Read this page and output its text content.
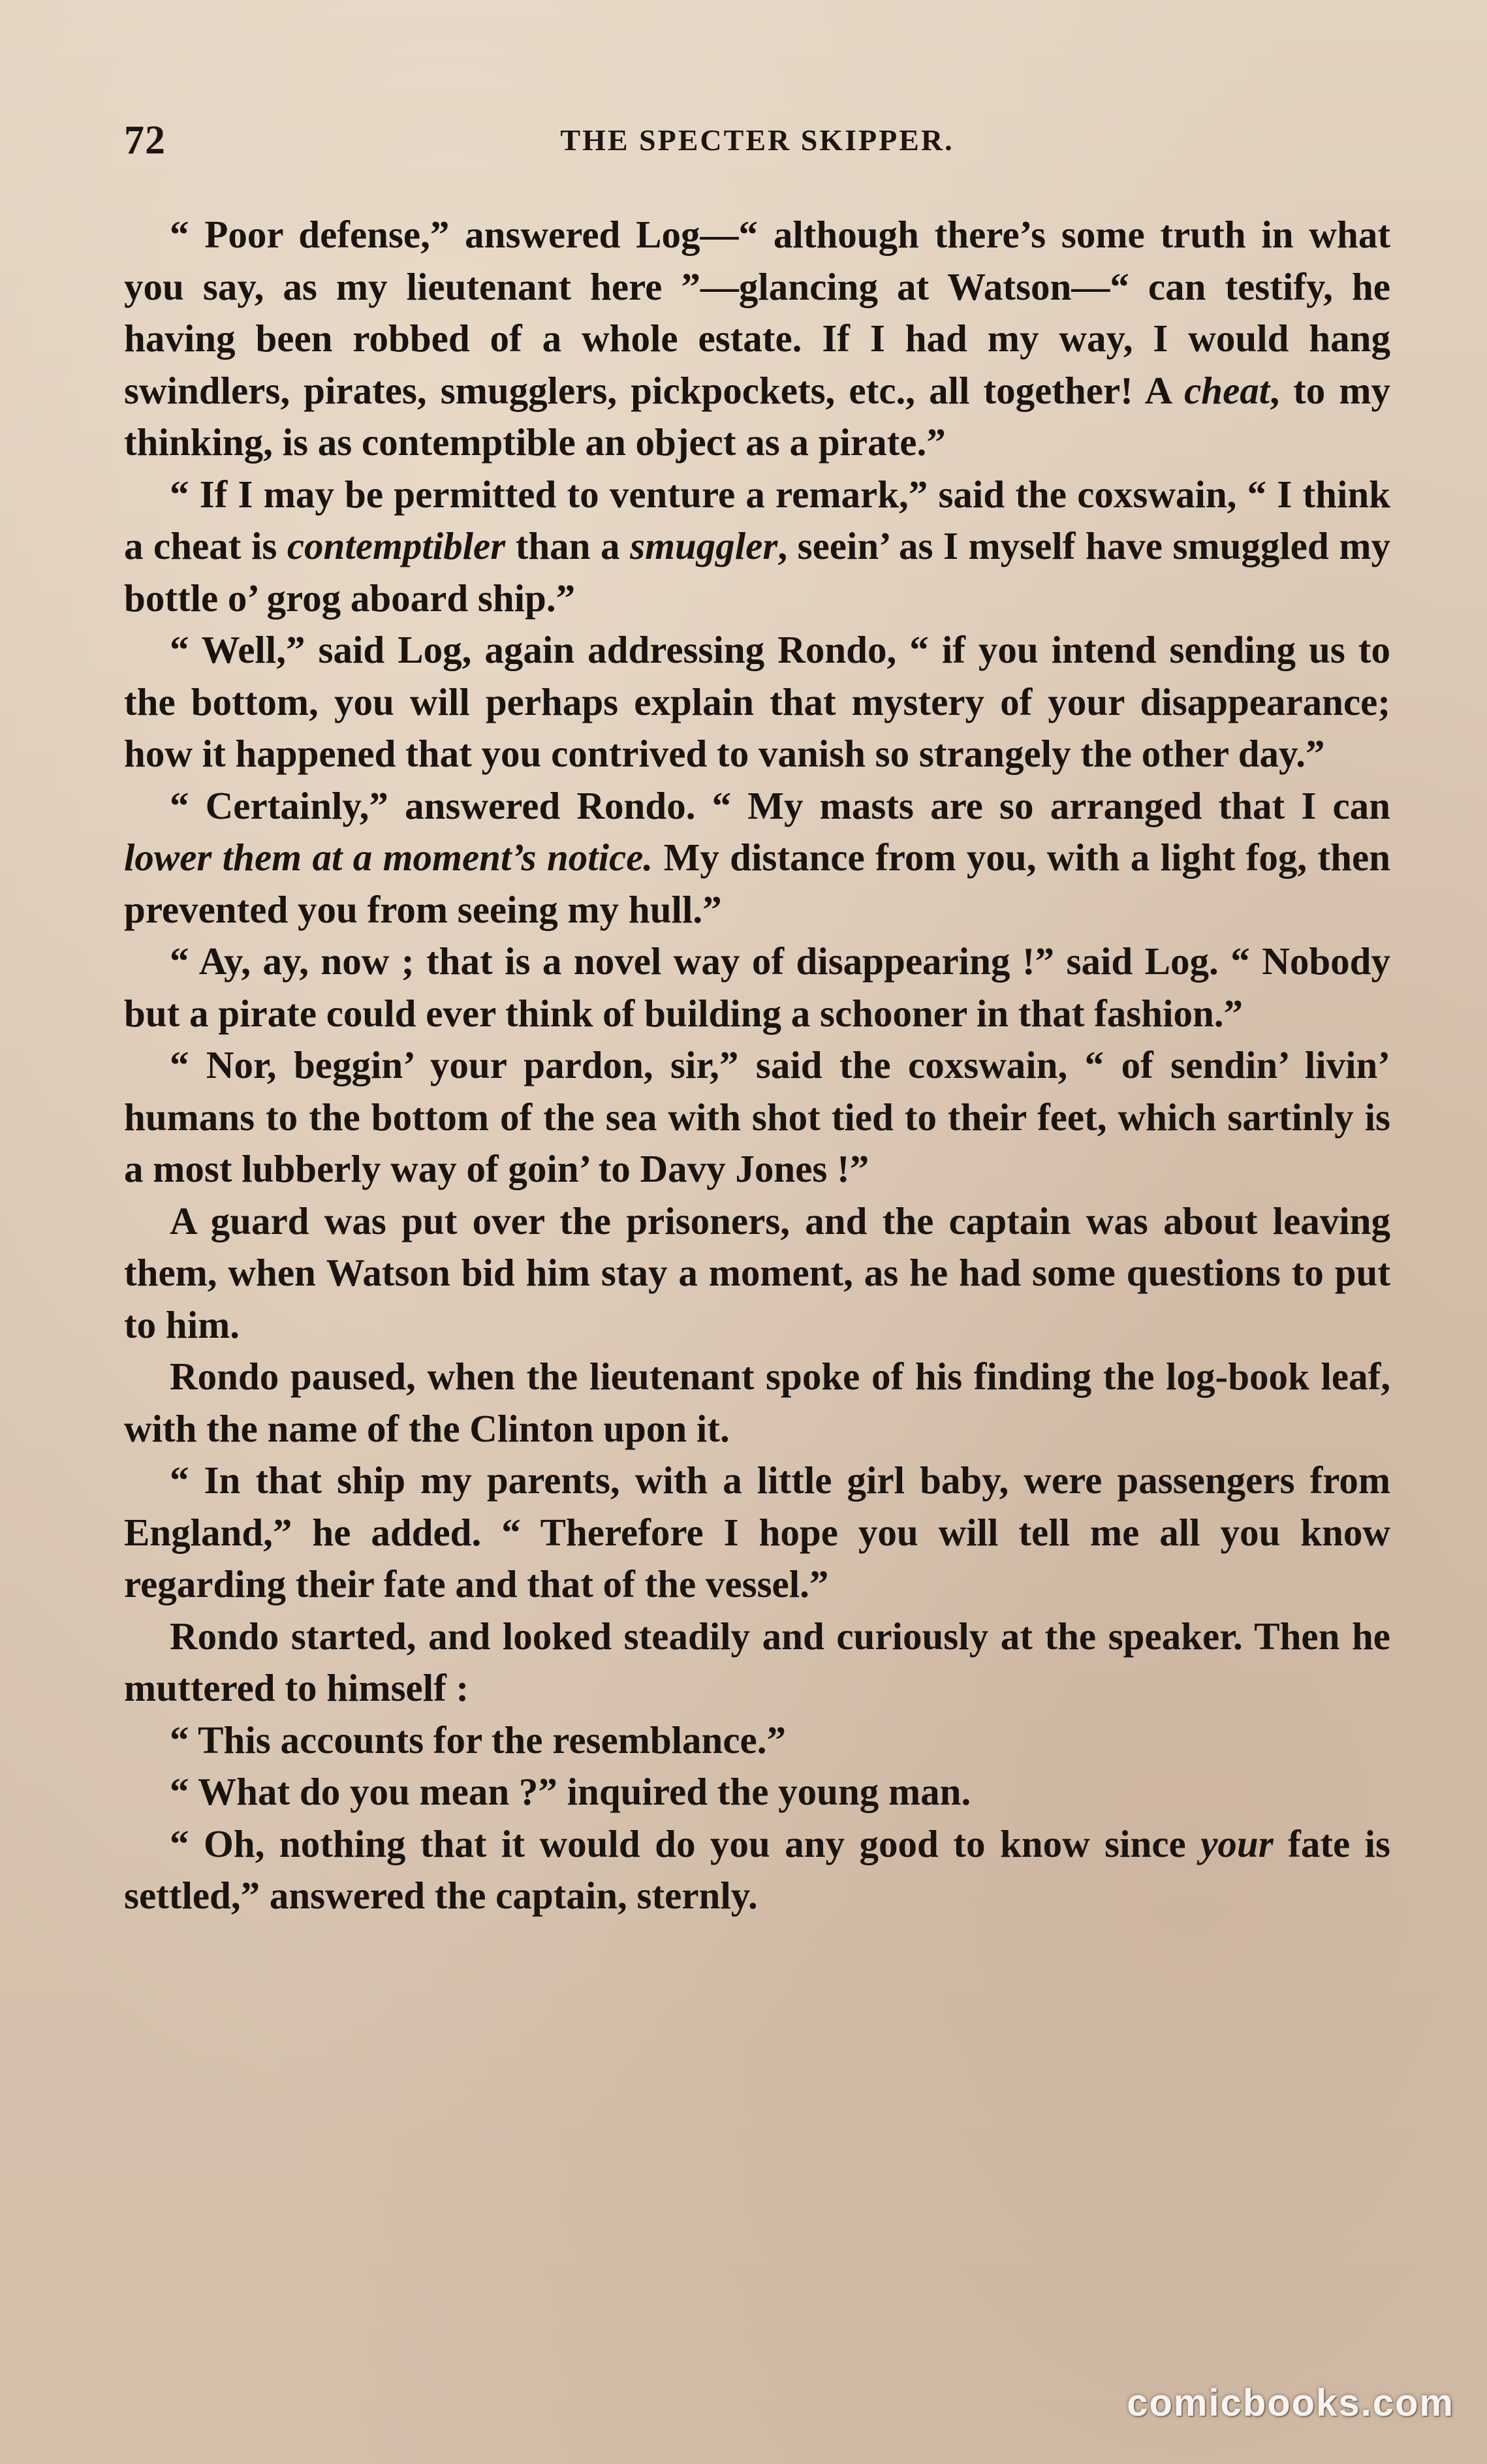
72	THE SPECTER SKIPPER.

“ Poor defense,” answered Log—“ although there’s some truth in what you say, as my lieutenant here ”—glancing at Watson—“ can testify, he having been robbed of a whole estate. If I had my way, I would hang swindlers, pirates, smugglers, pickpockets, etc., all together! A cheat, to my thinking, is as contemptible an object as a pirate.”

“ If I may be permitted to venture a remark,” said the coxswain, “ I think a cheat is contemptibler than a smuggler, seein’ as I myself have smuggled my bottle o’ grog aboard ship.”

“ Well,” said Log, again addressing Rondo, “ if you intend sending us to the bottom, you will perhaps explain that mystery of your disappearance; how it happened that you contrived to vanish so strangely the other day.”

“ Certainly,” answered Rondo. “ My masts are so arranged that I can lower them at a moment’s notice. My distance from you, with a light fog, then prevented you from seeing my hull.”

“ Ay, ay, now ; that is a novel way of disappearing !” said Log. “ Nobody but a pirate could ever think of building a schooner in that fashion.”

“ Nor, beggin’ your pardon, sir,” said the coxswain, “ of sendin’ livin’ humans to the bottom of the sea with shot tied to their feet, which sartinly is a most lubberly way of goin’ to Davy Jones !”

A guard was put over the prisoners, and the captain was about leaving them, when Watson bid him stay a moment, as he had some questions to put to him.

Rondo paused, when the lieutenant spoke of his finding the log-book leaf, with the name of the Clinton upon it.

“ In that ship my parents, with a little girl baby, were passengers from England,” he added. “ Therefore I hope you will tell me all you know regarding their fate and that of the vessel.”

Rondo started, and looked steadily and curiously at the speaker. Then he muttered to himself :

“ This accounts for the resemblance.”

“ What do you mean ?” inquired the young man.

“ Oh, nothing that it would do you any good to know since your fate is settled,” answered the captain, sternly.

comicbooks.com
